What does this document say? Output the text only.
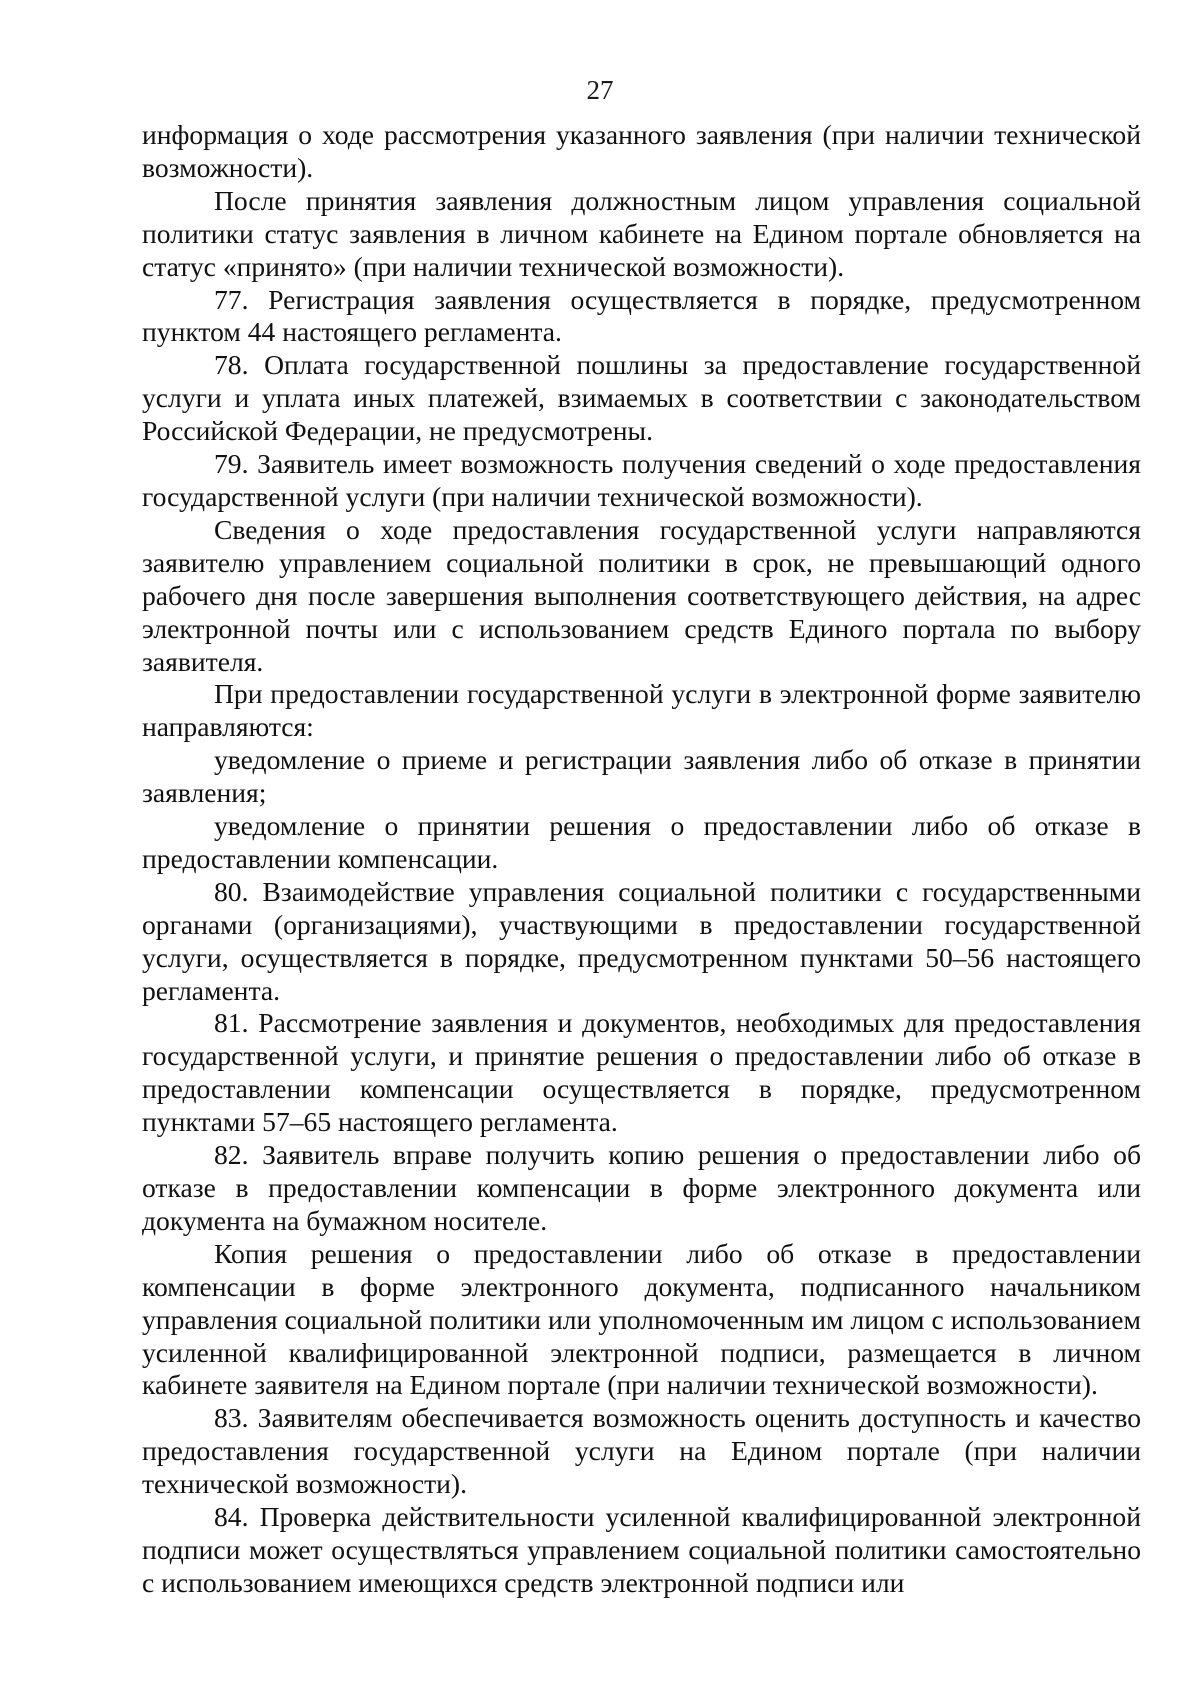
27

информация о ходе рассмотрения указанного заявления (при наличии технической возможности).

После принятия заявления должностным лицом управления социальной политики статус заявления в личном кабинете на Едином портале обновляется на статус «принято» (при наличии технической возможности).

77. Регистрация заявления осуществляется в порядке, предусмотренном пунктом 44 настоящего регламента.

78. Оплата государственной пошлины за предоставление государственной услуги и уплата иных платежей, взимаемых в соответствии с законодательством Российской Федерации, не предусмотрены.

79. Заявитель имеет возможность получения сведений о ходе предоставления государственной услуги (при наличии технической возможности).

Сведения о ходе предоставления государственной услуги направляются заявителю управлением социальной политики в срок, не превышающий одного рабочего дня после завершения выполнения соответствующего действия, на адрес электронной почты или с использованием средств Единого портала по выбору заявителя.

При предоставлении государственной услуги в электронной форме заявителю направляются:

уведомление о приеме и регистрации заявления либо об отказе в принятии заявления;

уведомление о принятии решения о предоставлении либо об отказе в предоставлении компенсации.

80. Взаимодействие управления социальной политики с государственными органами (организациями), участвующими в предоставлении государственной услуги, осуществляется в порядке, предусмотренном пунктами 50–56 настоящего регламента.

81. Рассмотрение заявления и документов, необходимых для предоставления государственной услуги, и принятие решения о предоставлении либо об отказе в предоставлении компенсации осуществляется в порядке, предусмотренном пунктами 57–65 настоящего регламента.

82. Заявитель вправе получить копию решения о предоставлении либо об отказе в предоставлении компенсации в форме электронного документа или документа на бумажном носителе.

Копия решения о предоставлении либо об отказе в предоставлении компенсации в форме электронного документа, подписанного начальником управления социальной политики или уполномоченным им лицом с использованием усиленной квалифицированной электронной подписи, размещается в личном кабинете заявителя на Едином портале (при наличии технической возможности).

83. Заявителям обеспечивается возможность оценить доступность и качество предоставления государственной услуги на Едином портале (при наличии технической возможности).

84. Проверка действительности усиленной квалифицированной электронной подписи может осуществляться управлением социальной политики самостоятельно с использованием имеющихся средств электронной подписи или
